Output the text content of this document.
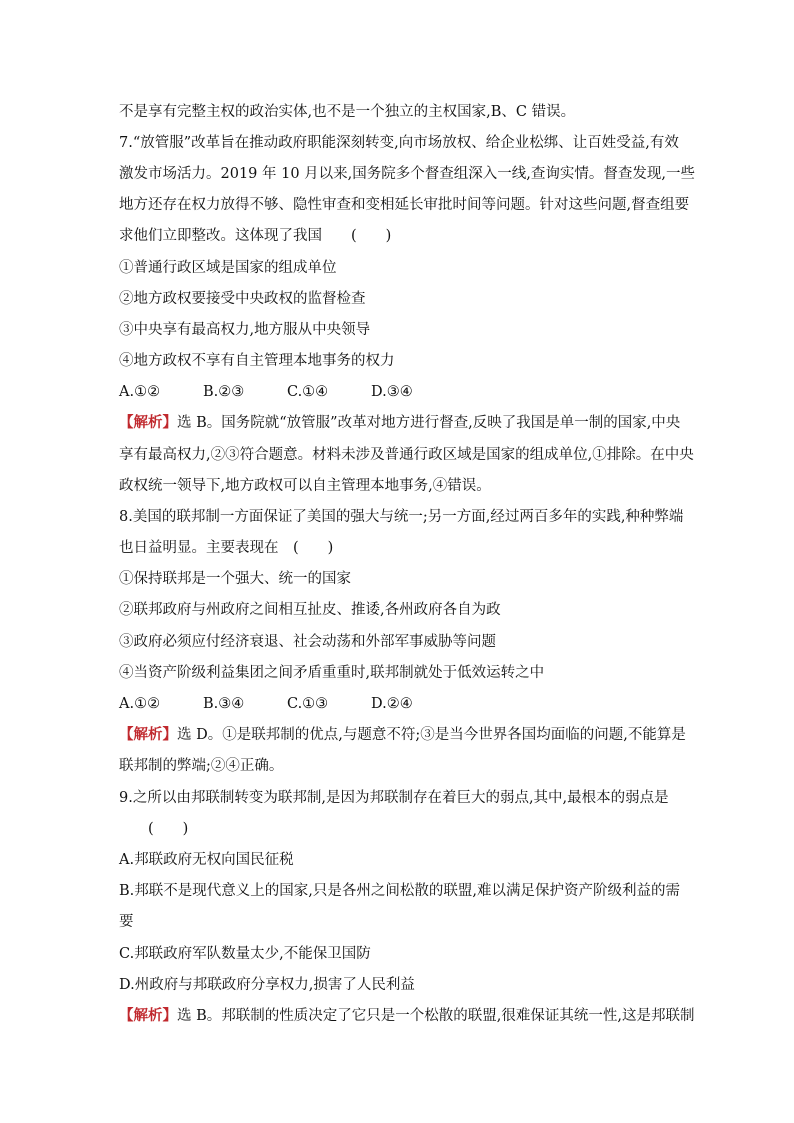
不是享有完整主权的政治实体,也不是一个独立的主权国家,B、C 错误。
7.“放管服”改革旨在推动政府职能深刻转变,向市场放权、给企业松绑、让百姓受益,有效
激发市场活力。2019 年 10 月以来,国务院多个督查组深入一线,查询实情。督查发现,一些
地方还存在权力放得不够、隐性审查和变相延长审批时间等问题。针对这些问题,督查组要
求他们立即整改。这体现了我国　　(　　)
①普通行政区域是国家的组成单位
②地方政权要接受中央政权的监督检查
③中央享有最高权力,地方服从中央领导
④地方政权不享有自主管理本地事务的权力
A.①②	B.②③	C.①④	D.③④
【解析】选 B。国务院就“放管服”改革对地方进行督查,反映了我国是单一制的国家,中央
享有最高权力,②③符合题意。材料未涉及普通行政区域是国家的组成单位,①排除。在中央
政权统一领导下,地方政权可以自主管理本地事务,④错误。
8.美国的联邦制一方面保证了美国的强大与统一;另一方面,经过两百多年的实践,种种弊端
也日益明显。主要表现在　(　　)
①保持联邦是一个强大、统一的国家
②联邦政府与州政府之间相互扯皮、推诿,各州政府各自为政
③政府必须应付经济衰退、社会动荡和外部军事威胁等问题
④当资产阶级利益集团之间矛盾重重时,联邦制就处于低效运转之中
A.①②	B.③④	C.①③	D.②④
【解析】选 D。①是联邦制的优点,与题意不符;③是当今世界各国均面临的问题,不能算是
联邦制的弊端;②④正确。
9.之所以由邦联制转变为联邦制,是因为邦联制存在着巨大的弱点,其中,最根本的弱点是
(　　)
A.邦联政府无权向国民征税
B.邦联不是现代意义上的国家,只是各州之间松散的联盟,难以满足保护资产阶级利益的需
要
C.邦联政府军队数量太少,不能保卫国防
D.州政府与邦联政府分享权力,损害了人民利益
【解析】选 B。邦联制的性质决定了它只是一个松散的联盟,很难保证其统一性,这是邦联制
